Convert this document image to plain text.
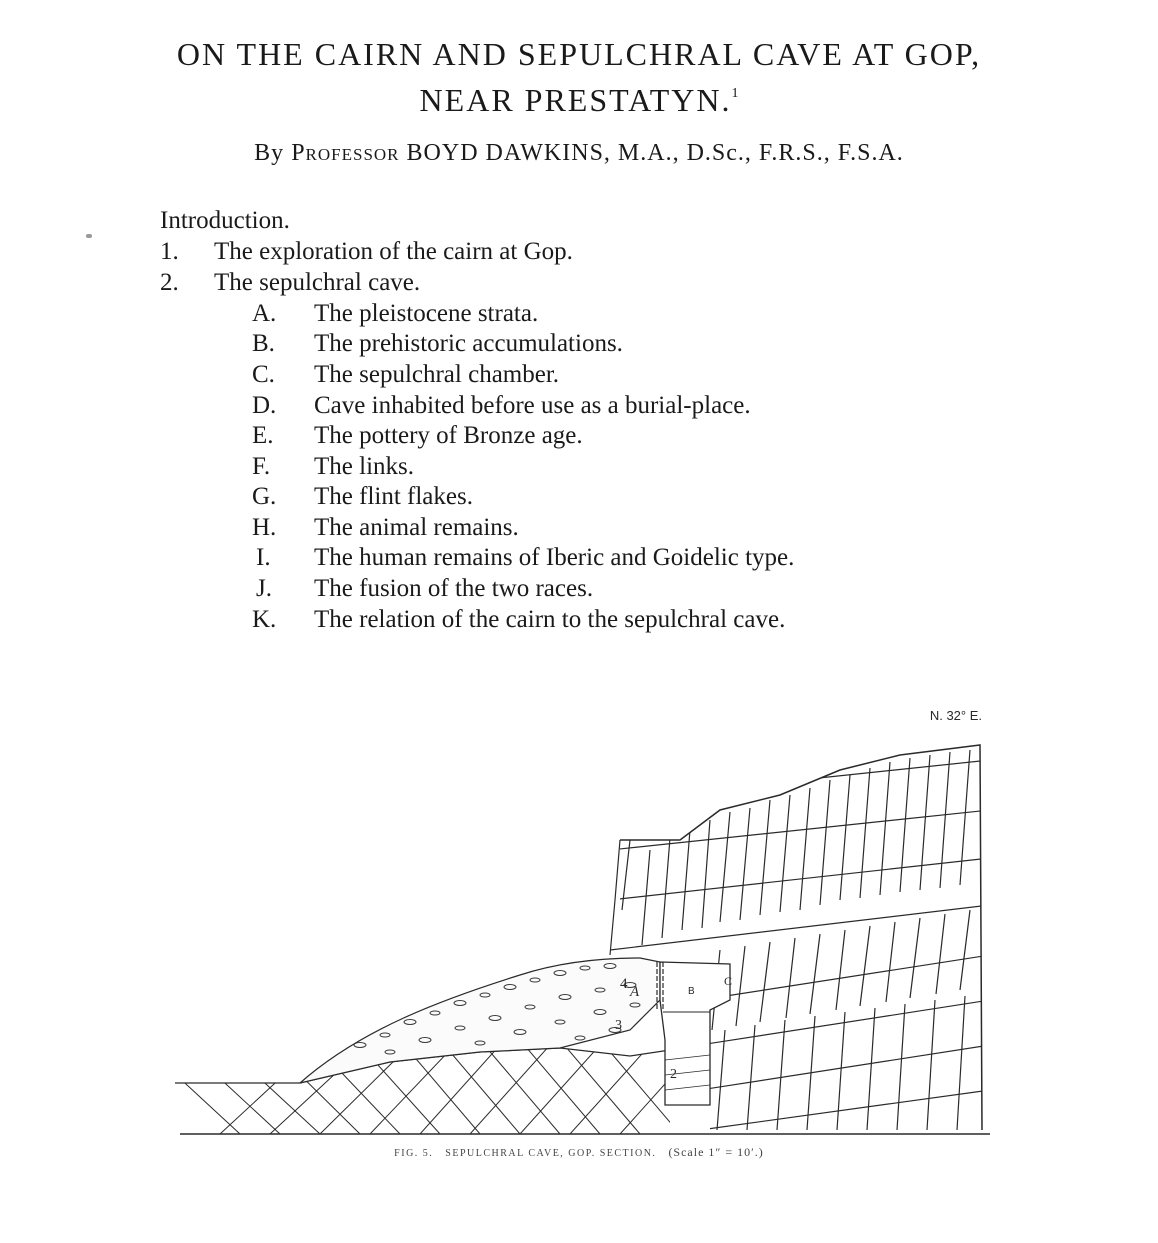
ON THE CAIRN AND SEPULCHRAL CAVE AT GOP,
NEAR PRESTATYN.$^1$
By Professor BOYD DAWKINS, M.A., D.Sc., F.R.S., F.S.A.
Introduction.
1. The exploration of the cairn at Gop.
2. The sepulchral cave.
A. The pleistocene strata.
B. The prehistoric accumulations.
C. The sepulchral chamber.
D. Cave inhabited before use as a burial-place.
E. The pottery of Bronze age.
F. The links.
G. The flint flakes.
H. The animal remains.
I. The human remains of Iberic and Goidelic type.
J. The fusion of the two races.
K. The relation of the cairn to the sepulchral cave.
N. 32° E.
4 A	B
C
3
2
FIG. 5. SEPULCHRAL CAVE, GOP. SECTION. (Scale 1″ = 10′.)
